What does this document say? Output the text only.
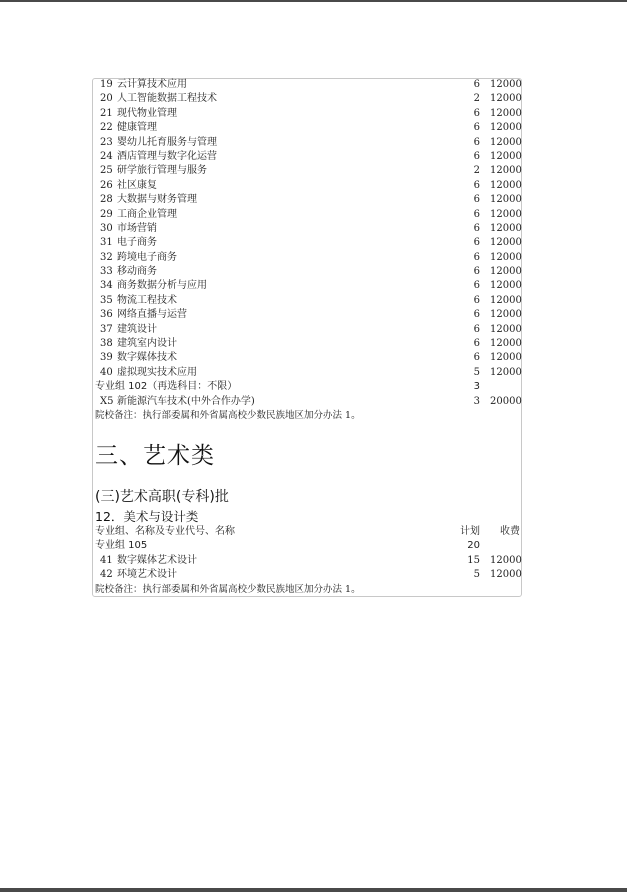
19 云计算技术应用	6 12000
20 人工智能数据工程技术	2 12000
21 现代物业管理	6 12000
22 健康管理	6 12000
23 婴幼儿托育服务与管理	6 12000
24 酒店管理与数字化运营	6 12000
25 研学旅行管理与服务	2 12000
26 社区康复	6 12000
28 大数据与财务管理	6 12000
29 工商企业管理	6 12000
30 市场营销	6 12000
31 电子商务	6 12000
32 跨境电子商务	6 12000
33 移动商务	6 12000
34 商务数据分析与应用	6 12000
35 物流工程技术	6 12000
36 网络直播与运营	6 12000
37 建筑设计	6 12000
38 建筑室内设计	6 12000
39 数字媒体技术	6 12000
40 虚拟现实技术应用	5 12000
专业组 102（再选科目：不限）	3
X5 新能源汽车技术(中外合作办学)	3 20000
院校备注：执行部委属和外省属高校少数民族地区加分办法 1。
三、艺术类
(三)艺术高职(专科)批
12．美术与设计类
专业组、名称及专业代号、名称	计划	收费
专业组 105	20
41 数字媒体艺术设计	15 12000
42 环境艺术设计	5 12000
院校备注：执行部委属和外省属高校少数民族地区加分办法 1。
